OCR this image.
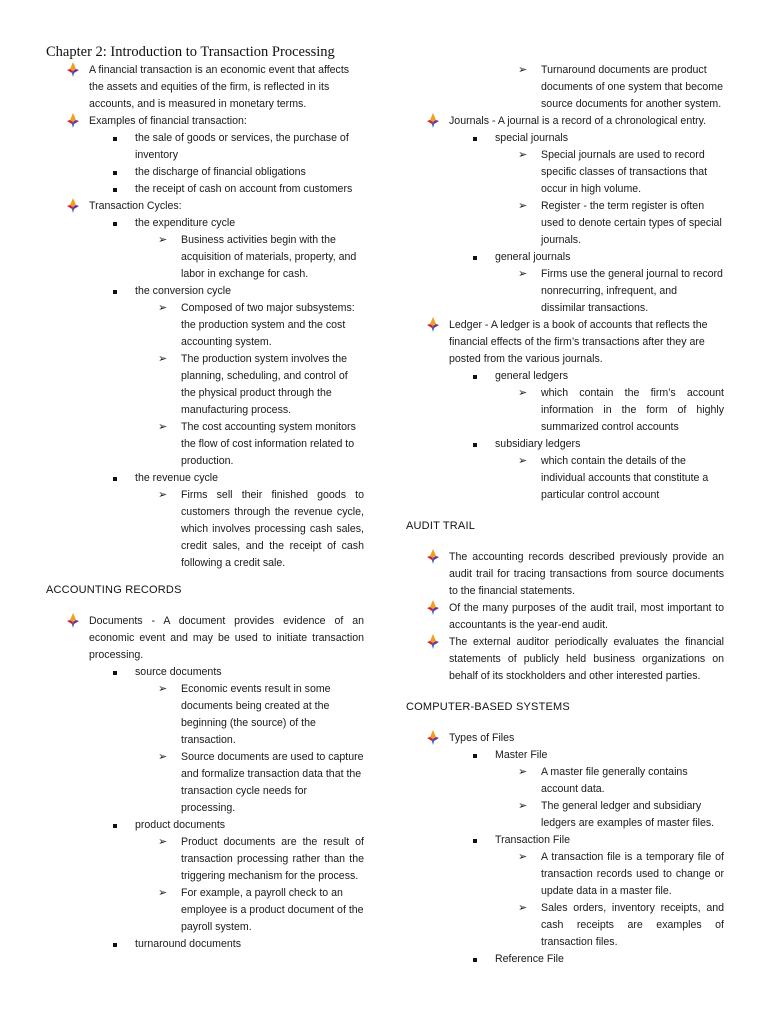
Chapter 2: Introduction to Transaction Processing
A financial transaction is an economic event that affects the assets and equities of the firm, is reflected in its accounts, and is measured in monetary terms.
Examples of financial transaction:
the sale of goods or services, the purchase of inventory
the discharge of financial obligations
the receipt of cash on account from customers
Transaction Cycles:
the expenditure cycle
➢ Business activities begin with the acquisition of materials, property, and labor in exchange for cash.
the conversion cycle
➢ Composed of two major subsystems: the production system and the cost accounting system.
➢ The production system involves the planning, scheduling, and control of the physical product through the manufacturing process.
➢ The cost accounting system monitors the flow of cost information related to production.
the revenue cycle
➢ Firms sell their finished goods to customers through the revenue cycle, which involves processing cash sales, credit sales, and the receipt of cash following a credit sale.

ACCOUNTING RECORDS

Documents - A document provides evidence of an economic event and may be used to initiate transaction processing.
source documents
➢ Economic events result in some documents being created at the beginning (the source) of the transaction.
➢ Source documents are used to capture and formalize transaction data that the transaction cycle needs for processing.
product documents
➢ Product documents are the result of transaction processing rather than the triggering mechanism for the process.
➢ For example, a payroll check to an employee is a product document of the payroll system.
turnaround documents
➢ Turnaround documents are product documents of one system that become source documents for another system.
Journals - A journal is a record of a chronological entry.
special journals
➢ Special journals are used to record specific classes of transactions that occur in high volume.
➢ Register - the term register is often used to denote certain types of special journals.
general journals
➢ Firms use the general journal to record nonrecurring, infrequent, and dissimilar transactions.
Ledger - A ledger is a book of accounts that reflects the financial effects of the firm’s transactions after they are posted from the various journals.
general ledgers
➢ which contain the firm’s account information in the form of highly summarized control accounts
subsidiary ledgers
➢ which contain the details of the individual accounts that constitute a particular control account

AUDIT TRAIL

The accounting records described previously provide an audit trail for tracing transactions from source documents to the financial statements.
Of the many purposes of the audit trail, most important to accountants is the year-end audit.
The external auditor periodically evaluates the financial statements of publicly held business organizations on behalf of its stockholders and other interested parties.

COMPUTER-BASED SYSTEMS

Types of Files
Master File
➢ A master file generally contains account data.
➢ The general ledger and subsidiary ledgers are examples of master files.
Transaction File
➢ A transaction file is a temporary file of transaction records used to change or update data in a master file.
➢ Sales orders, inventory receipts, and cash receipts are examples of transaction files.
Reference File
